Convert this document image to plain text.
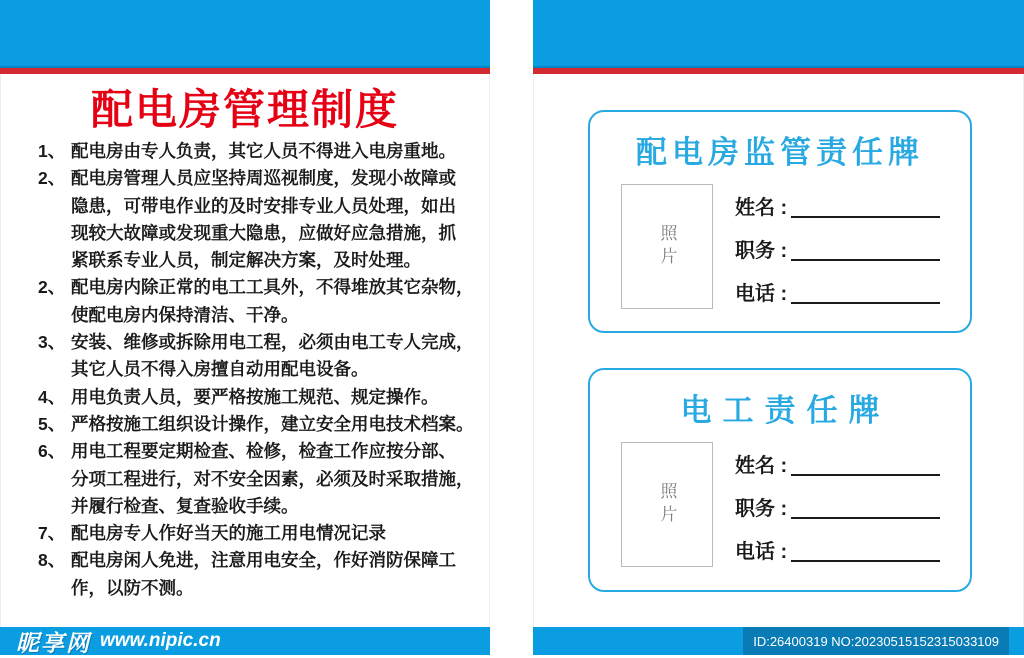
配电房管理制度
1、 配电房由专人负责，其它人员不得进入电房重地。
2、 配电房管理人员应坚持周巡视制度，发现小故障或
隐患，可带电作业的及时安排专业人员处理，如出
现较大故障或发现重大隐患，应做好应急措施，抓
紧联系专业人员，制定解决方案，及时处理。
2、 配电房内除正常的电工工具外，不得堆放其它杂物，
使配电房内保持清洁、干净。
3、 安装、维修或拆除用电工程，必须由电工专人完成，
其它人员不得入房擅自动用配电设备。
4、 用电负责人员，要严格按施工规范、规定操作。
5、 严格按施工组织设计操作，建立安全用电技术档案。
6、 用电工程要定期检查、检修，检查工作应按分部、
分项工程进行，对不安全因素，必须及时采取措施，
并履行检查、复查验收手续。
7、 配电房专人作好当天的施工用电情况记录
8、 配电房闲人免进，注意用电安全，作好消防保障工
作，以防不测。
昵享网 www.nipic.cn
配电房监管责任牌
照片
姓名 :
职务 :
电话 :
电工责任牌
照片
姓名 :
职务 :
电话 :
ID:26400319 NO:20230515152315033109
